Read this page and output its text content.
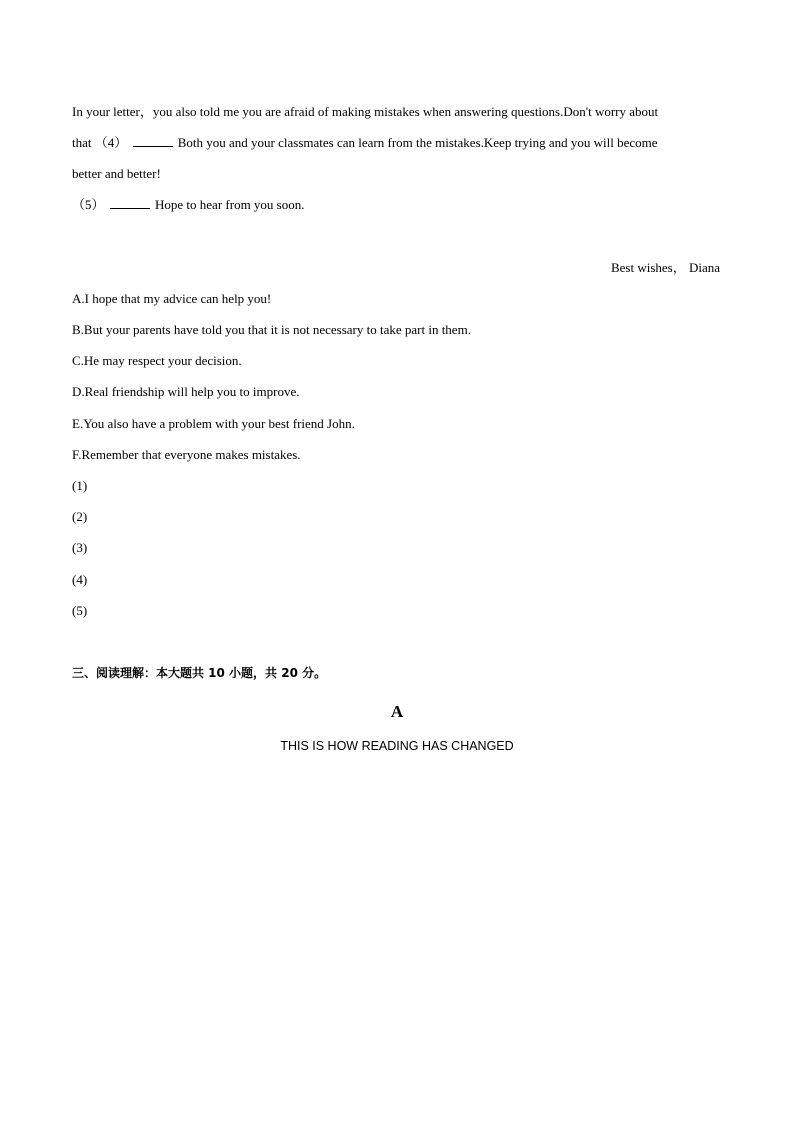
In your letter，you also told me you are afraid of making mistakes when answering questions.Don't worry about
that （4）	Both you and your classmates can learn from the mistakes.Keep trying and you will become
better and better!
（5）	Hope to hear from you soon.
Best wishes， Diana
A.I hope that my advice can help you!
B.But your parents have told you that it is not necessary to take part in them.
C.He may respect your decision.
D.Real friendship will help you to improve.
E.You also have a problem with your best friend John.
F.Remember that everyone makes mistakes.
(1)
(2)
(3)
(4)
(5)
三、阅读理解：本大题共 10 小题，共 20 分。
A
THIS IS HOW READING HAS CHANGED
